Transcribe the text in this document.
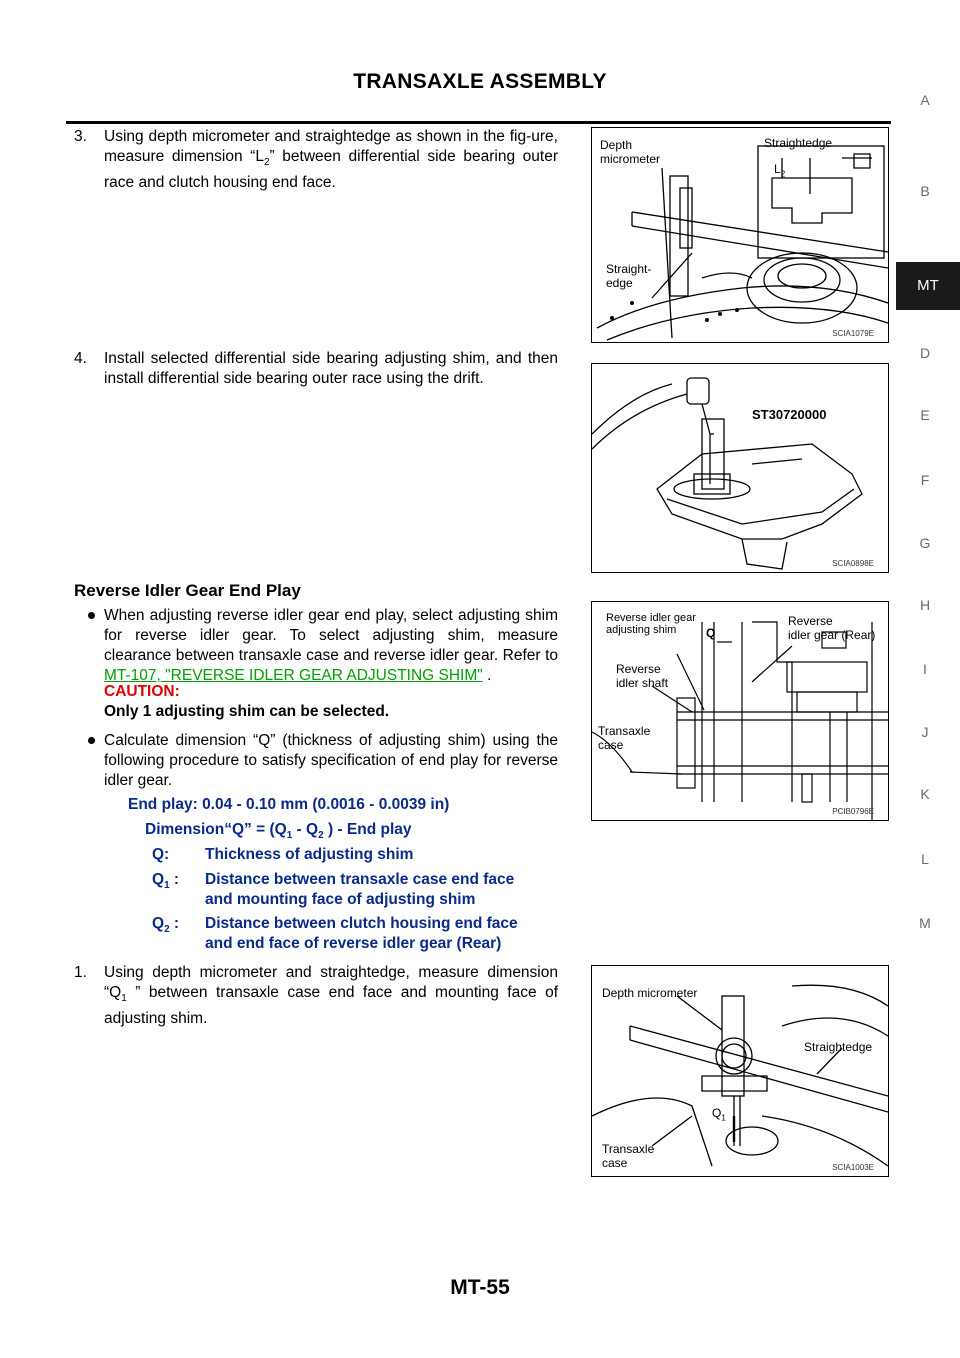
TRANSAXLE ASSEMBLY
A
B
MT
D
E
F
G
H
I
J
K
L
M
3. Using depth micrometer and straightedge as shown in the fig-ure, measure dimension “$L_2$” between differential side bearing outer race and clutch housing end face.
Depth
micrometer
Straightedge
$L_2$
Straight-
edge
SCIA1079E
4. Install selected differential side bearing adjusting shim, and then install differential side bearing outer race using the drift.
ST30720000
SCIA0898E
Reverse Idler Gear End Play
When adjusting reverse idler gear end play, select adjusting shim for reverse idler gear. To select adjusting shim, measure clearance between transaxle case and reverse idler gear. Refer to MT-107, "REVERSE IDLER GEAR ADJUSTING SHIM" .
CAUTION:
Only 1 adjusting shim can be selected.
Calculate dimension “Q” (thickness of adjusting shim) using the following procedure to satisfy specification of end play for reverse idler gear.
Reverse idler gear
adjusting shim	Q
Reverse
idler gear (Rear)
Reverse
idler shaft
Transaxle
case
PCIB0796E
End play: 0.04 - 0.10 mm (0.0016 - 0.0039 in)
Dimension“Q” = ($Q_1 - Q_2$ ) - End play
Q: Thickness of adjusting shim
$Q_1$ : Distance between transaxle case end face
and mounting face of adjusting shim
$Q_2$ : Distance between clutch housing end face
and end face of reverse idler gear (Rear)
1. Using depth micrometer and straightedge, measure dimension “$Q_1$ ” between transaxle case end face and mounting face of adjusting shim.
Depth micrometer
Straightedge
$Q_1$
Transaxle
case	SCIA1003E
MT-55
